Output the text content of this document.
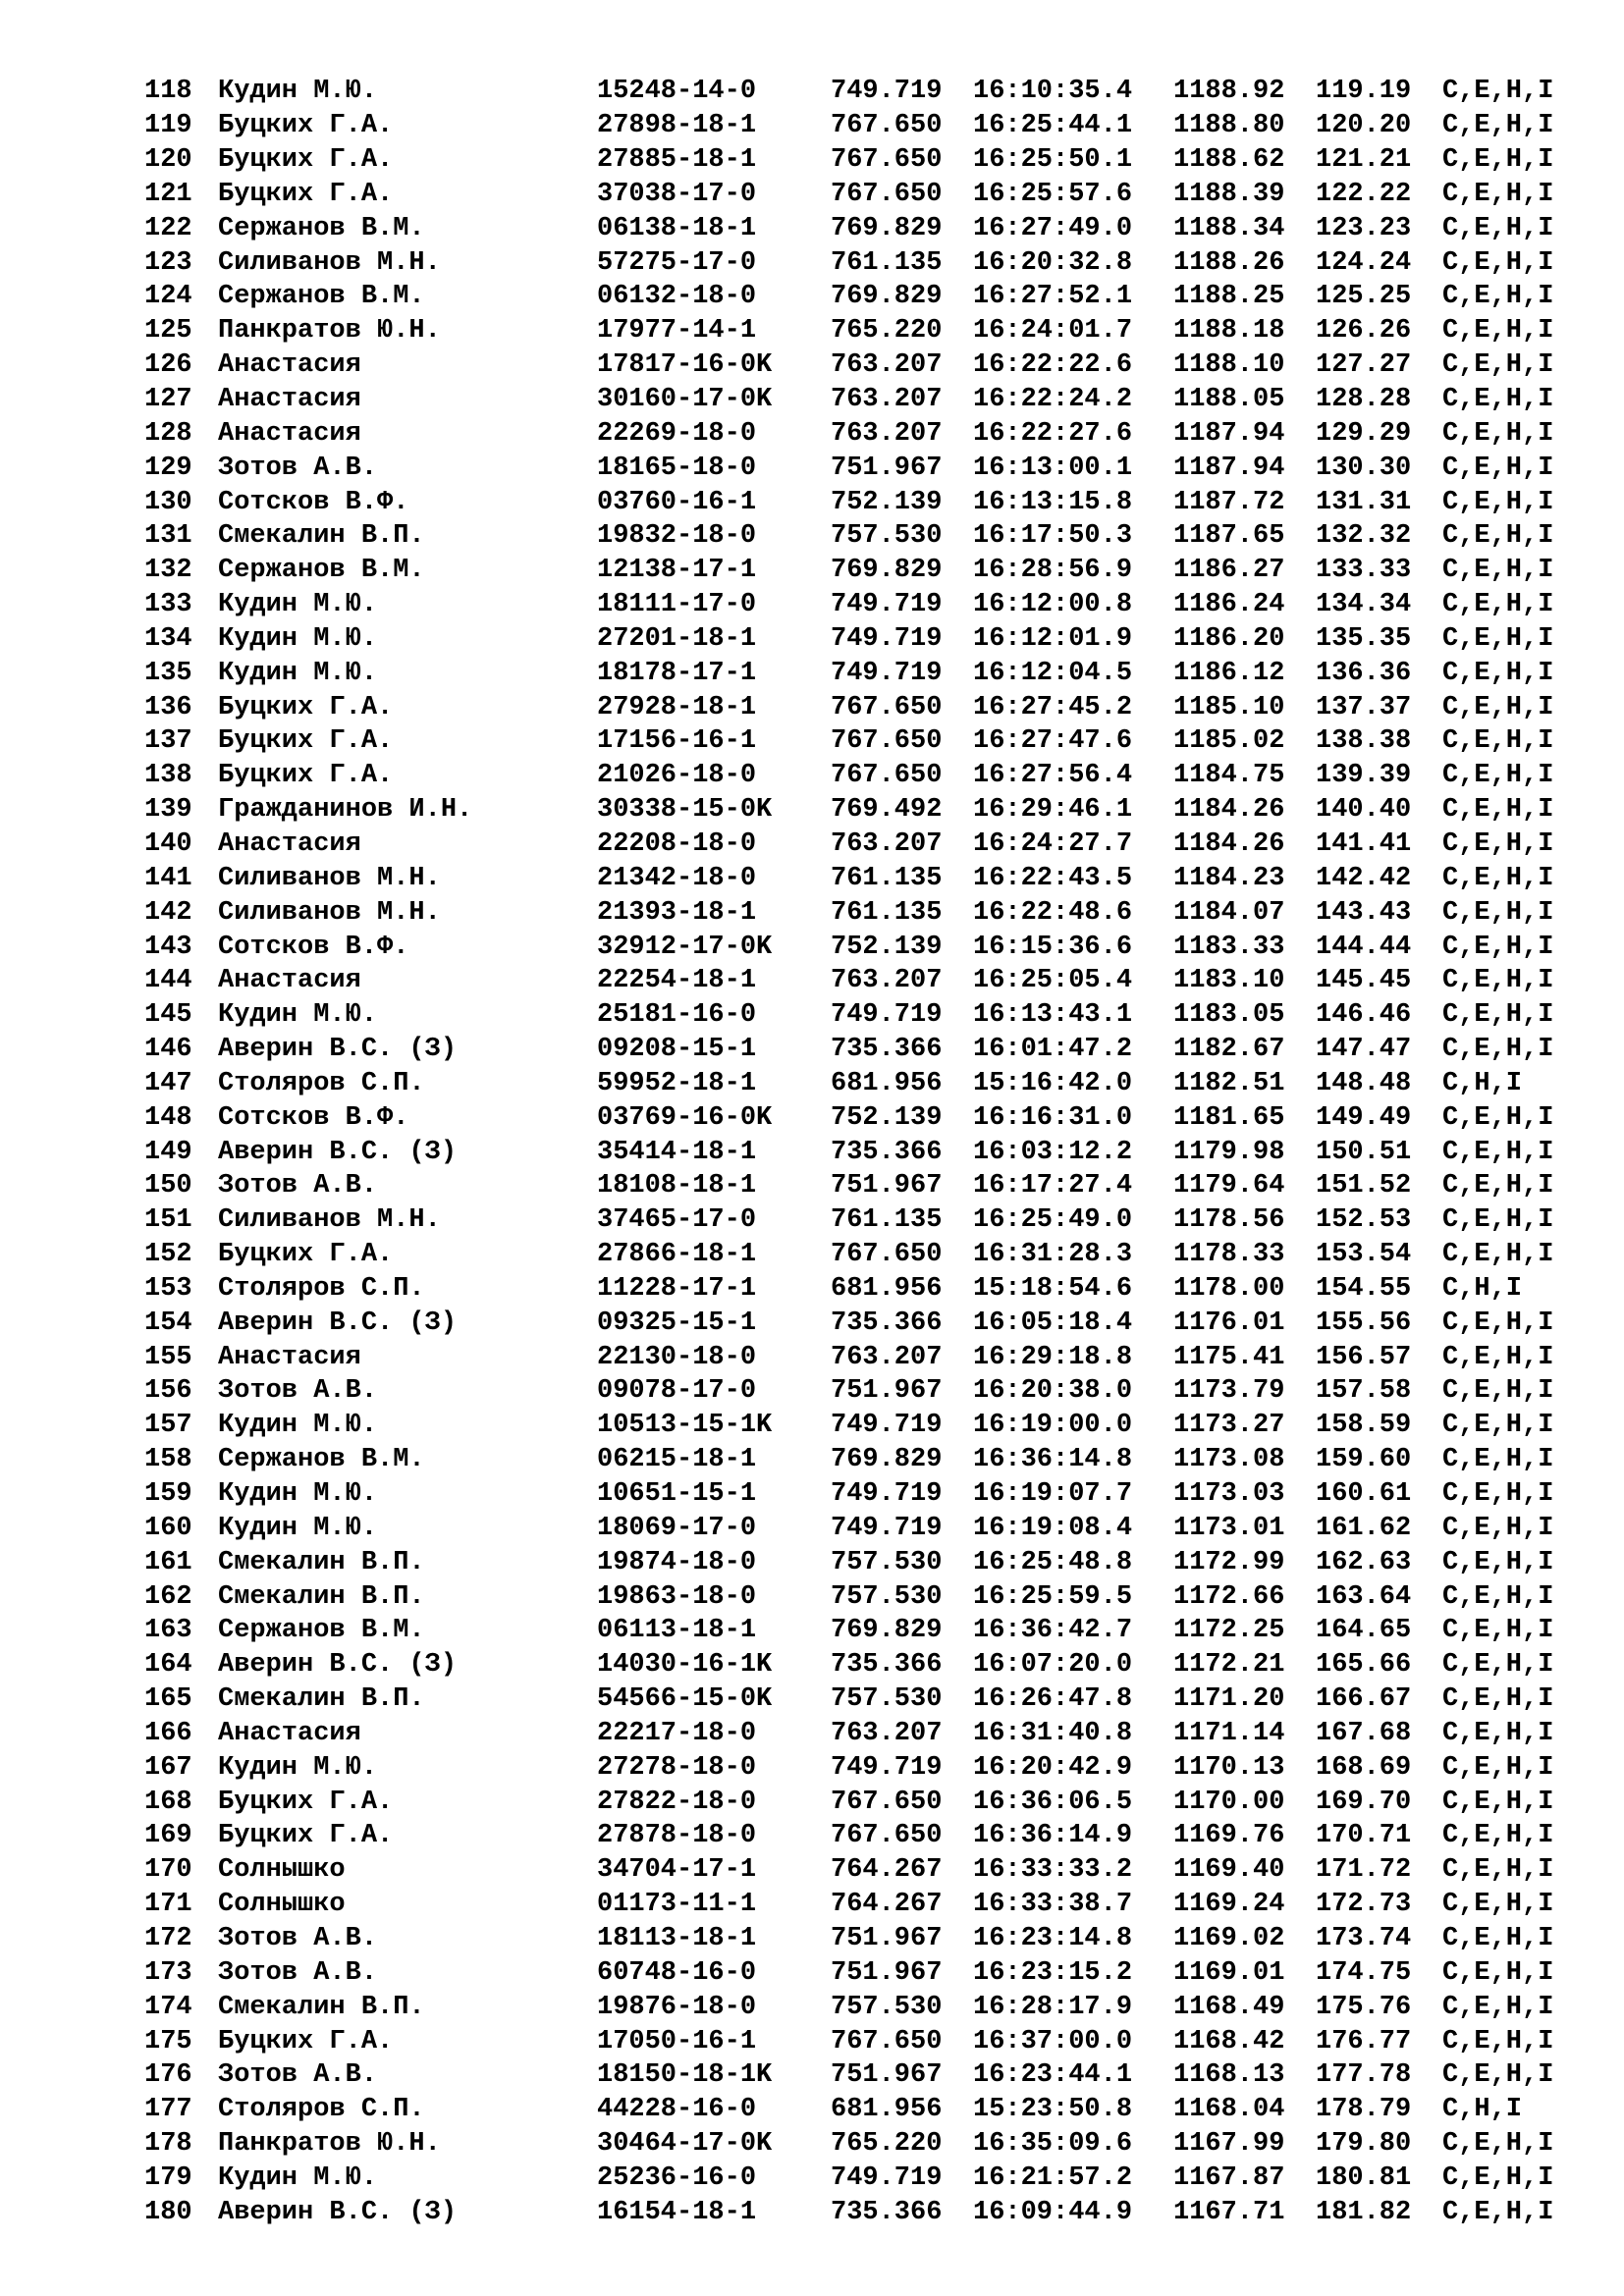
118 Кудин М.Ю.	15248-14-0	749.719	16:10:35.4	1188.92	119.19	C,E,H,I
119 Буцких Г.А.	27898-18-1	767.650	16:25:44.1	1188.80	120.20	C,E,H,I
120 Буцких Г.А.	27885-18-1	767.650	16:25:50.1	1188.62	121.21	C,E,H,I
121 Буцких Г.А.	37038-17-0	767.650	16:25:57.6	1188.39	122.22	C,E,H,I
122 Сержанов В.М.	06138-18-1	769.829	16:27:49.0	1188.34	123.23	C,E,H,I
123 Силиванов М.Н.	57275-17-0	761.135	16:20:32.8	1188.26	124.24	C,E,H,I
124 Сержанов В.М.	06132-18-0	769.829	16:27:52.1	1188.25	125.25	C,E,H,I
125 Панкратов Ю.Н.	17977-14-1	765.220	16:24:01.7	1188.18	126.26	C,E,H,I
126 Анастасия	17817-16-0K	763.207	16:22:22.6	1188.10	127.27	C,E,H,I
127 Анастасия	30160-17-0K	763.207	16:22:24.2	1188.05	128.28	C,E,H,I
128 Анастасия	22269-18-0	763.207	16:22:27.6	1187.94	129.29	C,E,H,I
129 Зотов А.В.	18165-18-0	751.967	16:13:00.1	1187.94	130.30	C,E,H,I
130 Сотсков В.Ф.	03760-16-1	752.139	16:13:15.8	1187.72	131.31	C,E,H,I
131 Смекалин В.П.	19832-18-0	757.530	16:17:50.3	1187.65	132.32	C,E,H,I
132 Сержанов В.М.	12138-17-1	769.829	16:28:56.9	1186.27	133.33	C,E,H,I
133 Кудин М.Ю.	18111-17-0	749.719	16:12:00.8	1186.24	134.34	C,E,H,I
134 Кудин М.Ю.	27201-18-1	749.719	16:12:01.9	1186.20	135.35	C,E,H,I
135 Кудин М.Ю.	18178-17-1	749.719	16:12:04.5	1186.12	136.36	C,E,H,I
136 Буцких Г.А.	27928-18-1	767.650	16:27:45.2	1185.10	137.37	C,E,H,I
137 Буцких Г.А.	17156-16-1	767.650	16:27:47.6	1185.02	138.38	C,E,H,I
138 Буцких Г.А.	21026-18-0	767.650	16:27:56.4	1184.75	139.39	C,E,H,I
139 Гражданинов И.Н.	30338-15-0K	769.492	16:29:46.1	1184.26	140.40	C,E,H,I
140 Анастасия	22208-18-0	763.207	16:24:27.7	1184.26	141.41	C,E,H,I
141 Силиванов М.Н.	21342-18-0	761.135	16:22:43.5	1184.23	142.42	C,E,H,I
142 Силиванов М.Н.	21393-18-1	761.135	16:22:48.6	1184.07	143.43	C,E,H,I
143 Сотсков В.Ф.	32912-17-0K	752.139	16:15:36.6	1183.33	144.44	C,E,H,I
144 Анастасия	22254-18-1	763.207	16:25:05.4	1183.10	145.45	C,E,H,I
145 Кудин М.Ю.	25181-16-0	749.719	16:13:43.1	1183.05	146.46	C,E,H,I
146 Аверин В.С. (З)	09208-15-1	735.366	16:01:47.2	1182.67	147.47	C,E,H,I
147 Столяров С.П.	59952-18-1	681.956	15:16:42.0	1182.51	148.48	C,H,I
148 Сотсков В.Ф.	03769-16-0K	752.139	16:16:31.0	1181.65	149.49	C,E,H,I
149 Аверин В.С. (З)	35414-18-1	735.366	16:03:12.2	1179.98	150.51	C,E,H,I
150 Зотов А.В.	18108-18-1	751.967	16:17:27.4	1179.64	151.52	C,E,H,I
151 Силиванов М.Н.	37465-17-0	761.135	16:25:49.0	1178.56	152.53	C,E,H,I
152 Буцких Г.А.	27866-18-1	767.650	16:31:28.3	1178.33	153.54	C,E,H,I
153 Столяров С.П.	11228-17-1	681.956	15:18:54.6	1178.00	154.55	C,H,I
154 Аверин В.С. (З)	09325-15-1	735.366	16:05:18.4	1176.01	155.56	C,E,H,I
155 Анастасия	22130-18-0	763.207	16:29:18.8	1175.41	156.57	C,E,H,I
156 Зотов А.В.	09078-17-0	751.967	16:20:38.0	1173.79	157.58	C,E,H,I
157 Кудин М.Ю.	10513-15-1K	749.719	16:19:00.0	1173.27	158.59	C,E,H,I
158 Сержанов В.М.	06215-18-1	769.829	16:36:14.8	1173.08	159.60	C,E,H,I
159 Кудин М.Ю.	10651-15-1	749.719	16:19:07.7	1173.03	160.61	C,E,H,I
160 Кудин М.Ю.	18069-17-0	749.719	16:19:08.4	1173.01	161.62	C,E,H,I
161 Смекалин В.П.	19874-18-0	757.530	16:25:48.8	1172.99	162.63	C,E,H,I
162 Смекалин В.П.	19863-18-0	757.530	16:25:59.5	1172.66	163.64	C,E,H,I
163 Сержанов В.М.	06113-18-1	769.829	16:36:42.7	1172.25	164.65	C,E,H,I
164 Аверин В.С. (З)	14030-16-1K	735.366	16:07:20.0	1172.21	165.66	C,E,H,I
165 Смекалин В.П.	54566-15-0K	757.530	16:26:47.8	1171.20	166.67	C,E,H,I
166 Анастасия	22217-18-0	763.207	16:31:40.8	1171.14	167.68	C,E,H,I
167 Кудин М.Ю.	27278-18-0	749.719	16:20:42.9	1170.13	168.69	C,E,H,I
168 Буцких Г.А.	27822-18-0	767.650	16:36:06.5	1170.00	169.70	C,E,H,I
169 Буцких Г.А.	27878-18-0	767.650	16:36:14.9	1169.76	170.71	C,E,H,I
170 Солнышко	34704-17-1	764.267	16:33:33.2	1169.40	171.72	C,E,H,I
171 Солнышко	01173-11-1	764.267	16:33:38.7	1169.24	172.73	C,E,H,I
172 Зотов А.В.	18113-18-1	751.967	16:23:14.8	1169.02	173.74	C,E,H,I
173 Зотов А.В.	60748-16-0	751.967	16:23:15.2	1169.01	174.75	C,E,H,I
174 Смекалин В.П.	19876-18-0	757.530	16:28:17.9	1168.49	175.76	C,E,H,I
175 Буцких Г.А.	17050-16-1	767.650	16:37:00.0	1168.42	176.77	C,E,H,I
176 Зотов А.В.	18150-18-1K	751.967	16:23:44.1	1168.13	177.78	C,E,H,I
177 Столяров С.П.	44228-16-0	681.956	15:23:50.8	1168.04	178.79	C,H,I
178 Панкратов Ю.Н.	30464-17-0K	765.220	16:35:09.6	1167.99	179.80	C,E,H,I
179 Кудин М.Ю.	25236-16-0	749.719	16:21:57.2	1167.87	180.81	C,E,H,I
180 Аверин В.С. (З)	16154-18-1	735.366	16:09:44.9	1167.71	181.82	C,E,H,I
